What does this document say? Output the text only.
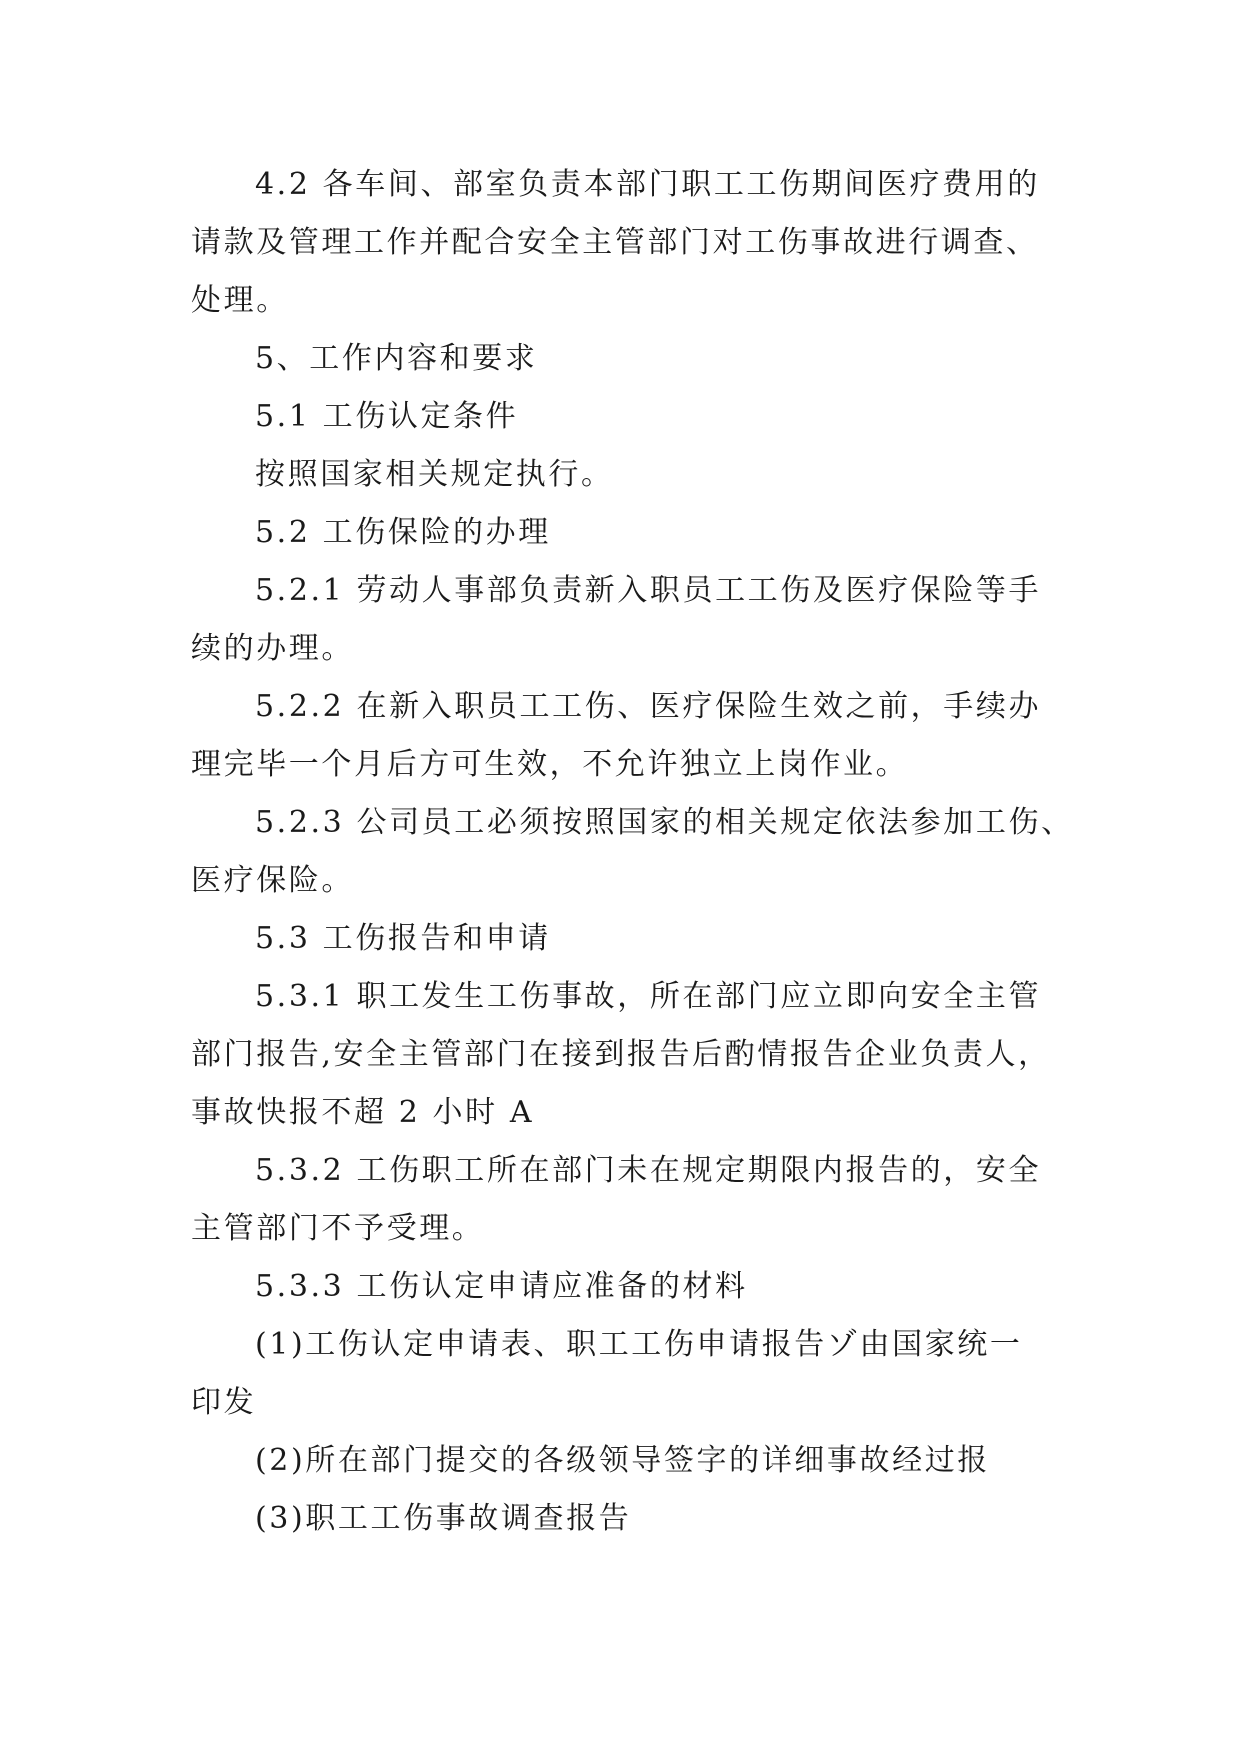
4.2 各车间、部室负责本部门职工工伤期间医疗费用的
请款及管理工作并配合安全主管部门对工伤事故进行调查、
处理。

5、工作内容和要求

5.1 工伤认定条件

按照国家相关规定执行。

5.2 工伤保险的办理

5.2.1 劳动人事部负责新入职员工工伤及医疗保险等手
续的办理。

5.2.2 在新入职员工工伤、医疗保险生效之前，手续办
理完毕一个月后方可生效，不允许独立上岗作业。

5.2.3 公司员工必须按照国家的相关规定依法参加工伤、
医疗保险。

5.3 工伤报告和申请

5.3.1 职工发生工伤事故，所在部门应立即向安全主管
部门报告,安全主管部门在接到报告后酌情报告企业负责人，
事故快报不超 2 小时 A

5.3.2 工伤职工所在部门未在规定期限内报告的，安全
主管部门不予受理。

5.3.3 工伤认定申请应准备的材料

(1)工伤认定申请表、职工工伤申请报告ゾ由国家统一
印发

(2)所在部门提交的各级领导签字的详细事故经过报

(3)职工工伤事故调查报告
